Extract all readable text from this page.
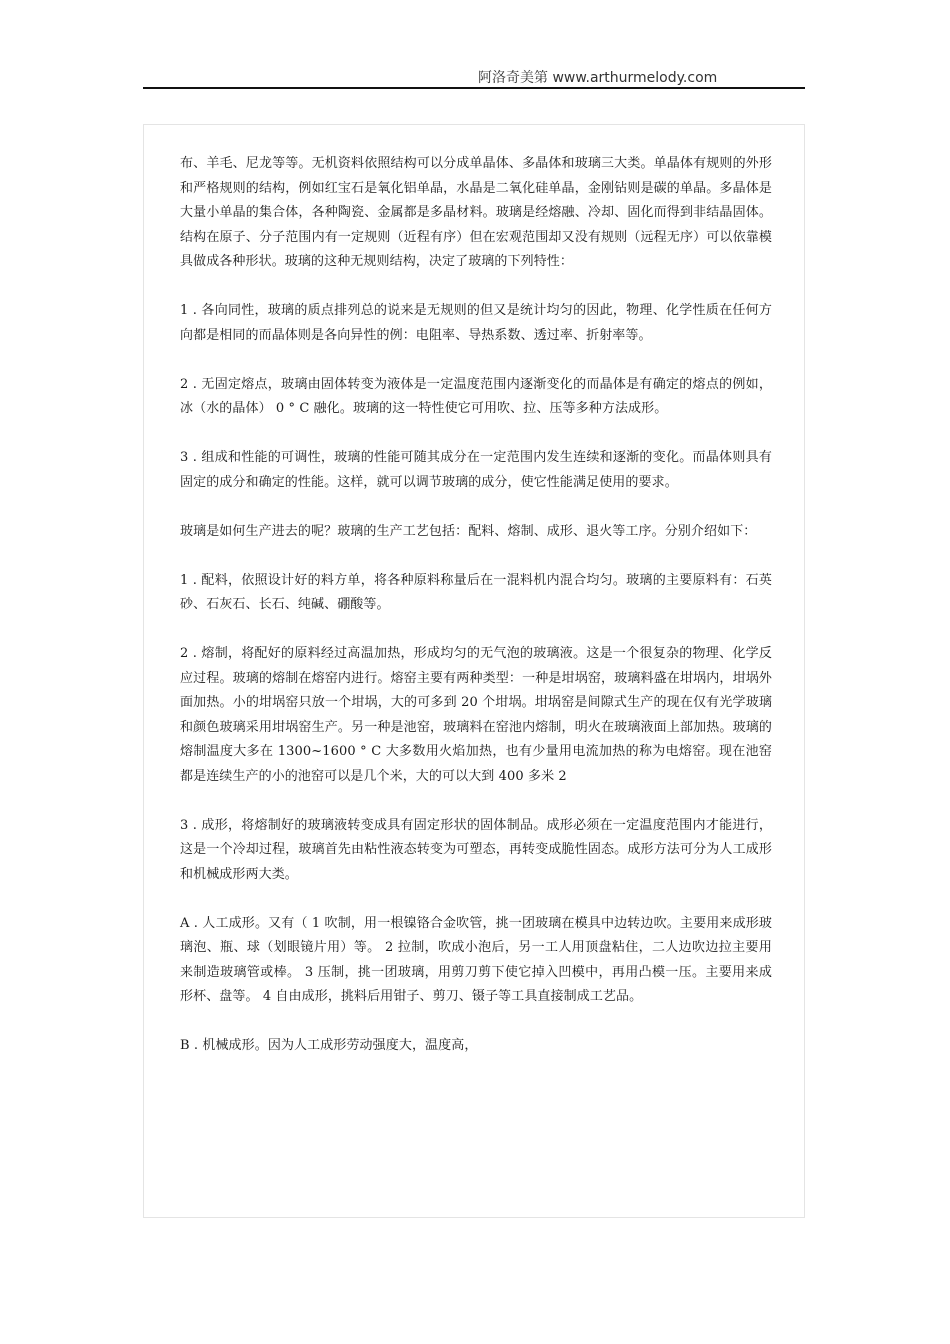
阿洛奇美第 www.arthurmelody.com

布、羊毛、尼龙等等。无机资料依照结构可以分成单晶体、多晶体和玻璃三大类。单晶体有规则的外形和严格规则的结构，例如红宝石是氧化铝单晶，水晶是二氧化硅单晶，金刚钻则是碳的单晶。多晶体是大量小单晶的集合体，各种陶瓷、金属都是多晶材料。玻璃是经熔融、冷却、固化而得到非结晶固体。结构在原子、分子范围内有一定规则（近程有序）但在宏观范围却又没有规则（远程无序）可以依靠模具做成各种形状。玻璃的这种无规则结构，决定了玻璃的下列特性：

1 . 各向同性，玻璃的质点排列总的说来是无规则的但又是统计均匀的因此，物理、化学性质在任何方向都是相同的而晶体则是各向异性的例：电阻率、导热系数、透过率、折射率等。

2 . 无固定熔点，玻璃由固体转变为液体是一定温度范围内逐渐变化的而晶体是有确定的熔点的例如，冰（水的晶体） 0 ° C 融化。玻璃的这一特性使它可用吹、拉、压等多种方法成形。

3 . 组成和性能的可调性，玻璃的性能可随其成分在一定范围内发生连续和逐渐的变化。而晶体则具有固定的成分和确定的性能。这样，就可以调节玻璃的成分，使它性能满足使用的要求。

玻璃是如何生产进去的呢？玻璃的生产工艺包括：配料、熔制、成形、退火等工序。分别介绍如下：

1 . 配料，依照设计好的料方单，将各种原料称量后在一混料机内混合均匀。玻璃的主要原料有：石英砂、石灰石、长石、纯碱、硼酸等。

2 . 熔制，将配好的原料经过高温加热，形成均匀的无气泡的玻璃液。这是一个很复杂的物理、化学反应过程。玻璃的熔制在熔窑内进行。熔窑主要有两种类型：一种是坩埚窑，玻璃料盛在坩埚内，坩埚外面加热。小的坩埚窑只放一个坩埚，大的可多到 20 个坩埚。坩埚窑是间隙式生产的现在仅有光学玻璃和颜色玻璃采用坩埚窑生产。另一种是池窑，玻璃料在窑池内熔制，明火在玻璃液面上部加热。玻璃的熔制温度大多在 1300~1600 ° C 大多数用火焰加热，也有少量用电流加热的称为电熔窑。现在池窑都是连续生产的小的池窑可以是几个米，大的可以大到 400 多米 2

3 . 成形，将熔制好的玻璃液转变成具有固定形状的固体制品。成形必须在一定温度范围内才能进行，这是一个冷却过程，玻璃首先由粘性液态转变为可塑态，再转变成脆性固态。成形方法可分为人工成形和机械成形两大类。

A . 人工成形。又有（ 1 吹制，用一根镍铬合金吹管，挑一团玻璃在模具中边转边吹。主要用来成形玻璃泡、瓶、球（划眼镜片用）等。 2 拉制，吹成小泡后，另一工人用顶盘粘住，二人边吹边拉主要用来制造玻璃管或棒。 3 压制，挑一团玻璃，用剪刀剪下使它掉入凹模中，再用凸模一压。主要用来成形杯、盘等。 4 自由成形，挑料后用钳子、剪刀、镊子等工具直接制成工艺品。

B . 机械成形。因为人工成形劳动强度大，温度高，
